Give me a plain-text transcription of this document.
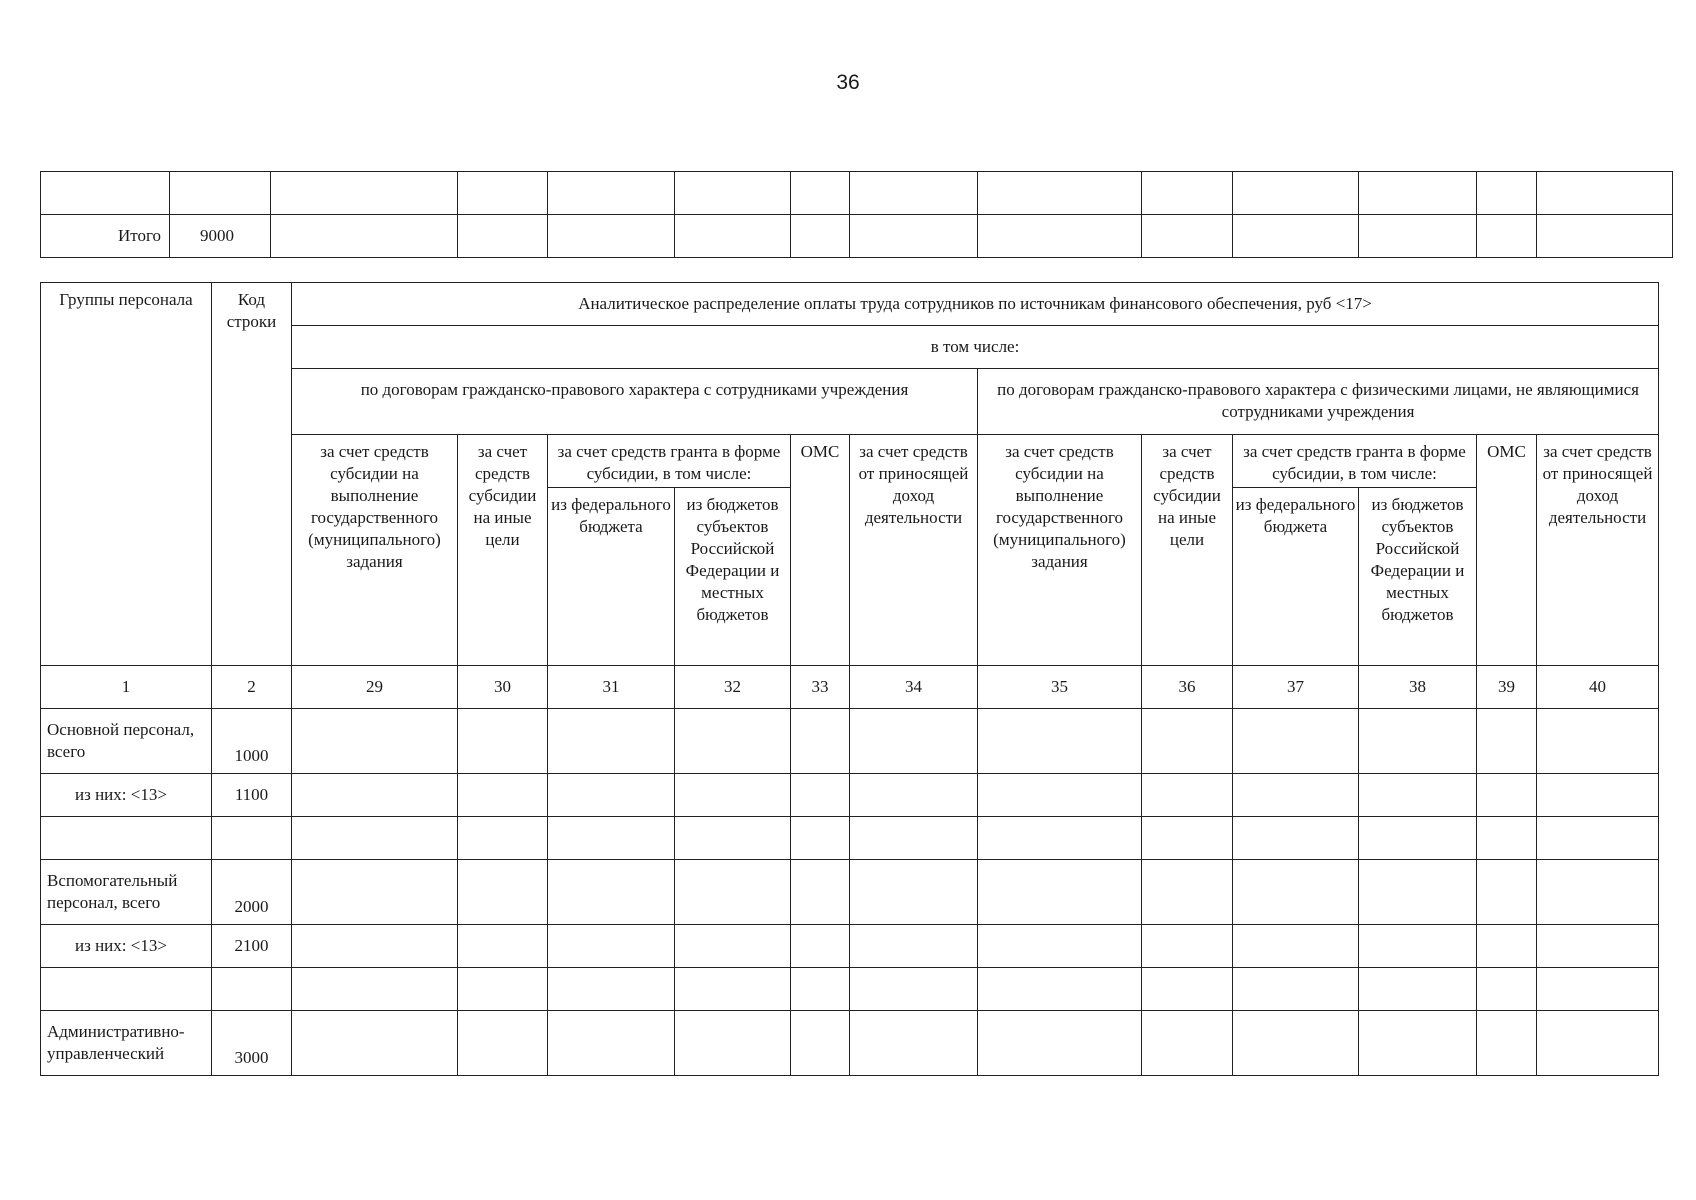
36

Итого	9000												
Группы персонала	Код строки	Аналитическое распределение оплаты труда сотрудников по источникам финансового обеспечения, руб <17>											
		в том числе:											
		по договорам гражданско-правового характера с сотрудниками учреждения						по договорам гражданско-правового характера с физическими лицами, не являющимися сотрудниками учреждения					
		за счет средств субсидии на выполнение государственного (муниципального) задания	за счет средств субсидии на иные цели	за счет средств гранта в форме субсидии, в том числе:		ОМС	за счет средств от приносящей доход деятельности	за счет средств субсидии на выполнение государственного (муниципального) задания	за счет средств субсидии на иные цели	за счет средств гранта в форме субсидии, в том числе:		ОМС	за счет средств от приносящей доход деятельности
				из федерального бюджета	из бюджетов субъектов Российской Федерации и местных бюджетов					из федерального бюджета	из бюджетов субъектов Российской Федерации и местных бюджетов		
1	2	29	30	31	32	33	34	35	36	37	38	39	40
Основной персонал, всего	1000												
из них: <13>	1100												

Вспомогательный персонал, всего	2000												
из них: <13>	2100												

Административно-управленческий	3000												
